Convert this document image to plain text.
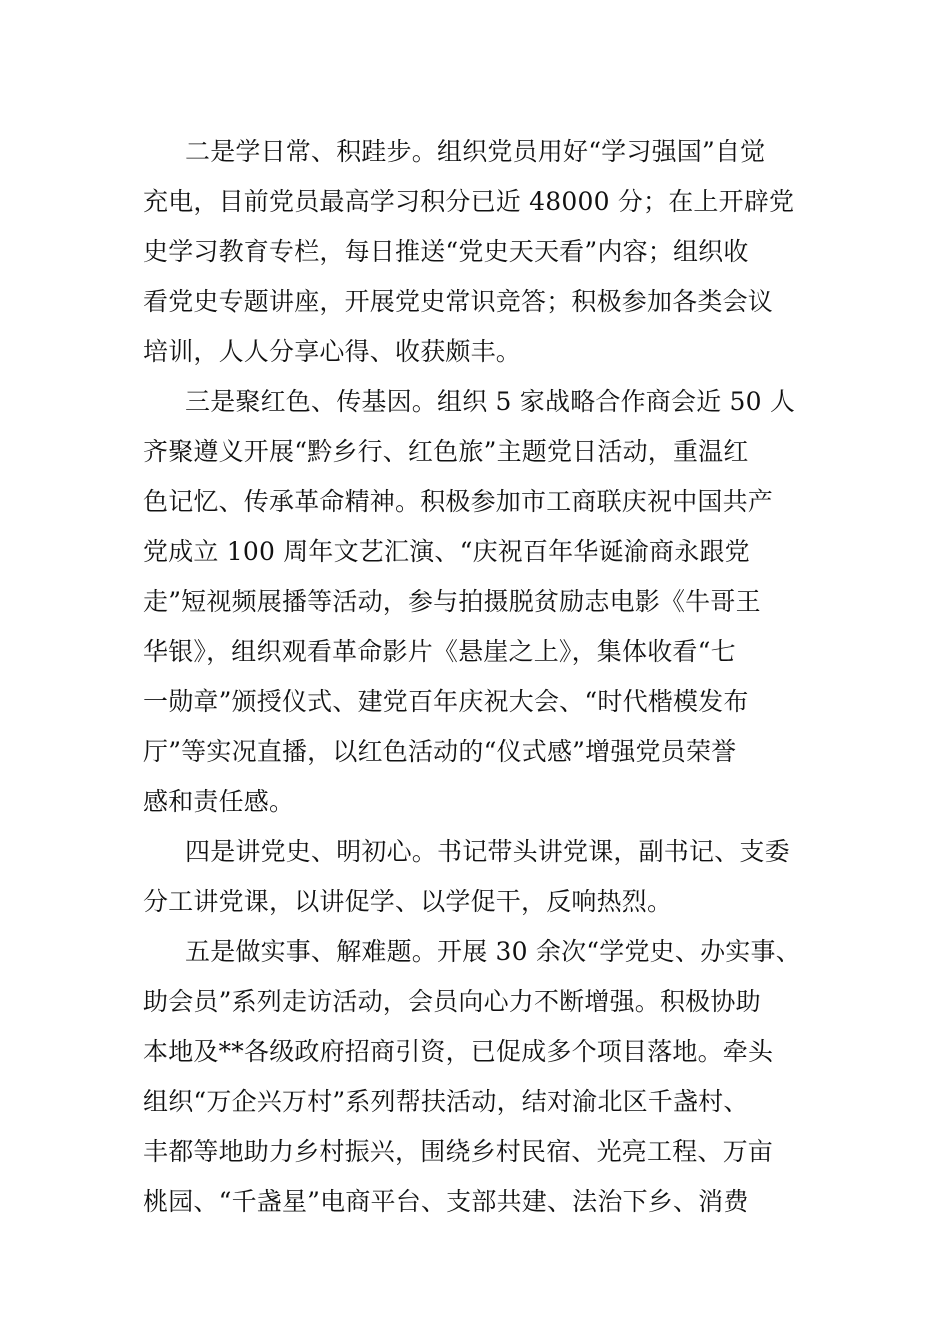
二是学日常、积跬步。组织党员用好“学习强国”自觉
充电，目前党员最高学习积分已近 48000 分；在上开辟党
史学习教育专栏，每日推送“党史天天看”内容；组织收
看党史专题讲座，开展党史常识竞答；积极参加各类会议
培训，人人分享心得、收获颇丰。
三是聚红色、传基因。组织 5 家战略合作商会近 50 人
齐聚遵义开展“黔乡行、红色旅”主题党日活动，重温红
色记忆、传承革命精神。积极参加市工商联庆祝中国共产
党成立 100 周年文艺汇演、“庆祝百年华诞渝商永跟党
走”短视频展播等活动，参与拍摄脱贫励志电影《牛哥王
华银》，组织观看革命影片《悬崖之上》，集体收看“七
一勋章”颁授仪式、建党百年庆祝大会、“时代楷模发布
厅”等实况直播，以红色活动的“仪式感”增强党员荣誉
感和责任感。
四是讲党史、明初心。书记带头讲党课，副书记、支委
分工讲党课，以讲促学、以学促干，反响热烈。
五是做实事、解难题。开展 30 余次“学党史、办实事、
助会员”系列走访活动，会员向心力不断增强。积极协助
本地及**各级政府招商引资，已促成多个项目落地。牵头
组织“万企兴万村”系列帮扶活动，结对渝北区千盏村、
丰都等地助力乡村振兴，围绕乡村民宿、光亮工程、万亩
桃园、“千盏星”电商平台、支部共建、法治下乡、消费
